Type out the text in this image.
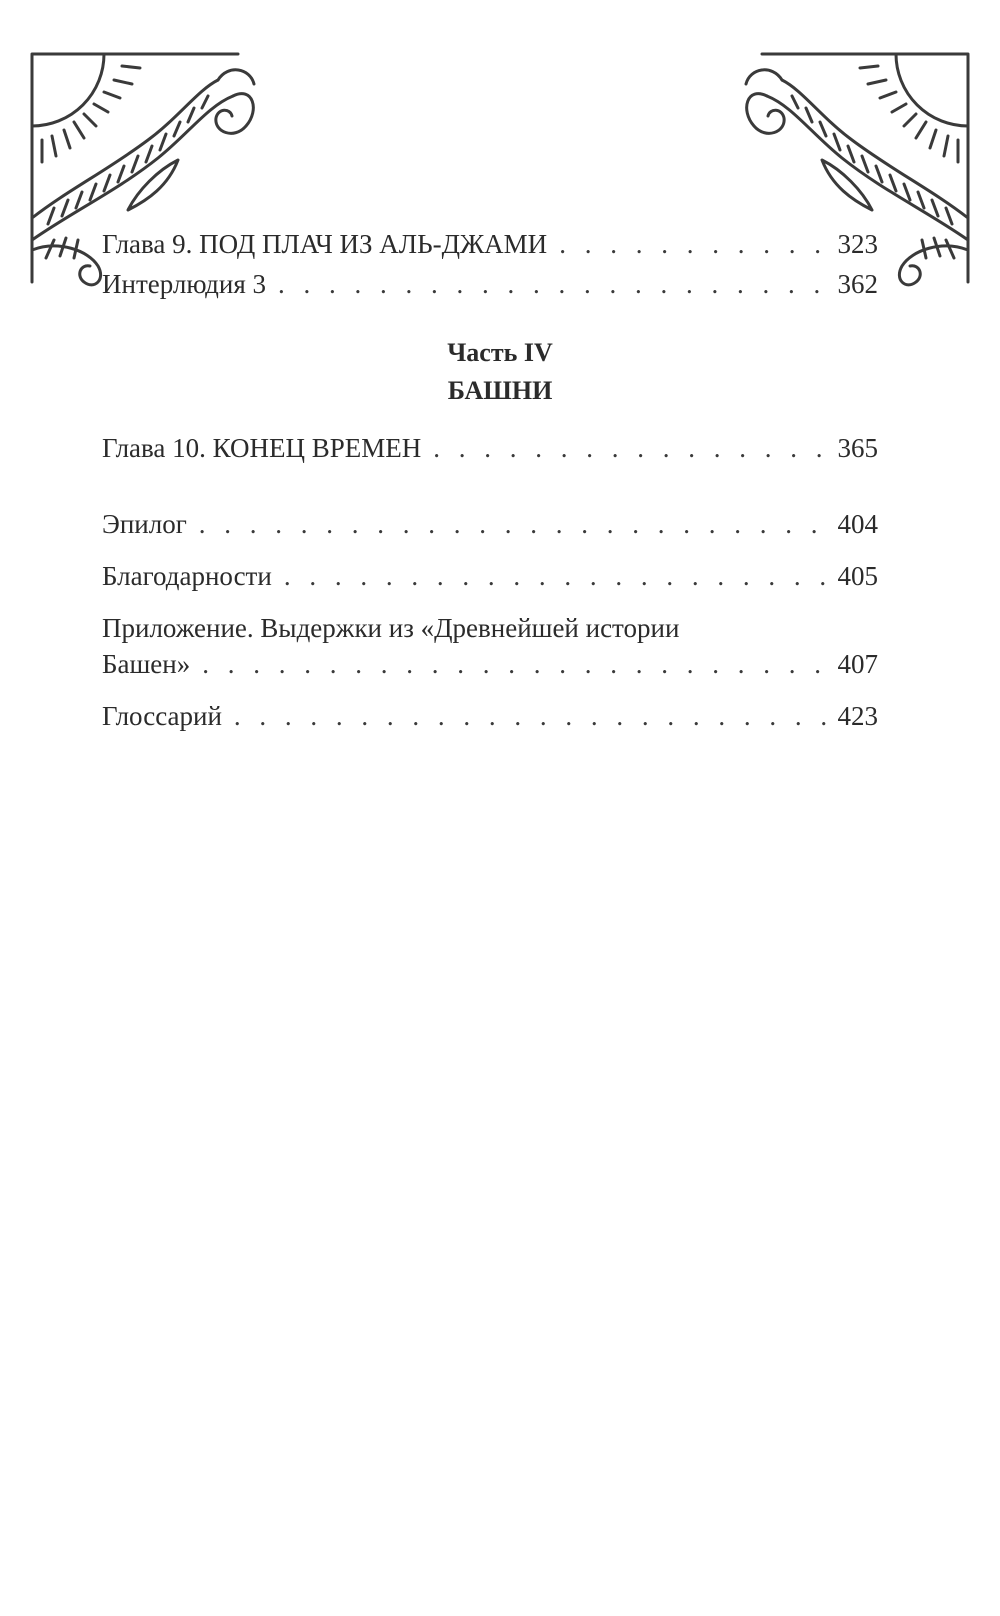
Глава 9. ПОД ПЛАЧ ИЗ АЛЬ-ДЖАМИ . . .	323
Интерлюдия 3 . . .	362
Часть IV
БАШНИ
Глава 10. КОНЕЦ ВРЕМЕН . . .	365
Эпилог . . .	404
Благодарности . . .	405
Приложение. Выдержки из «Древнейшей истории
Башен» . . .	407
Глоссарий . . .	423
